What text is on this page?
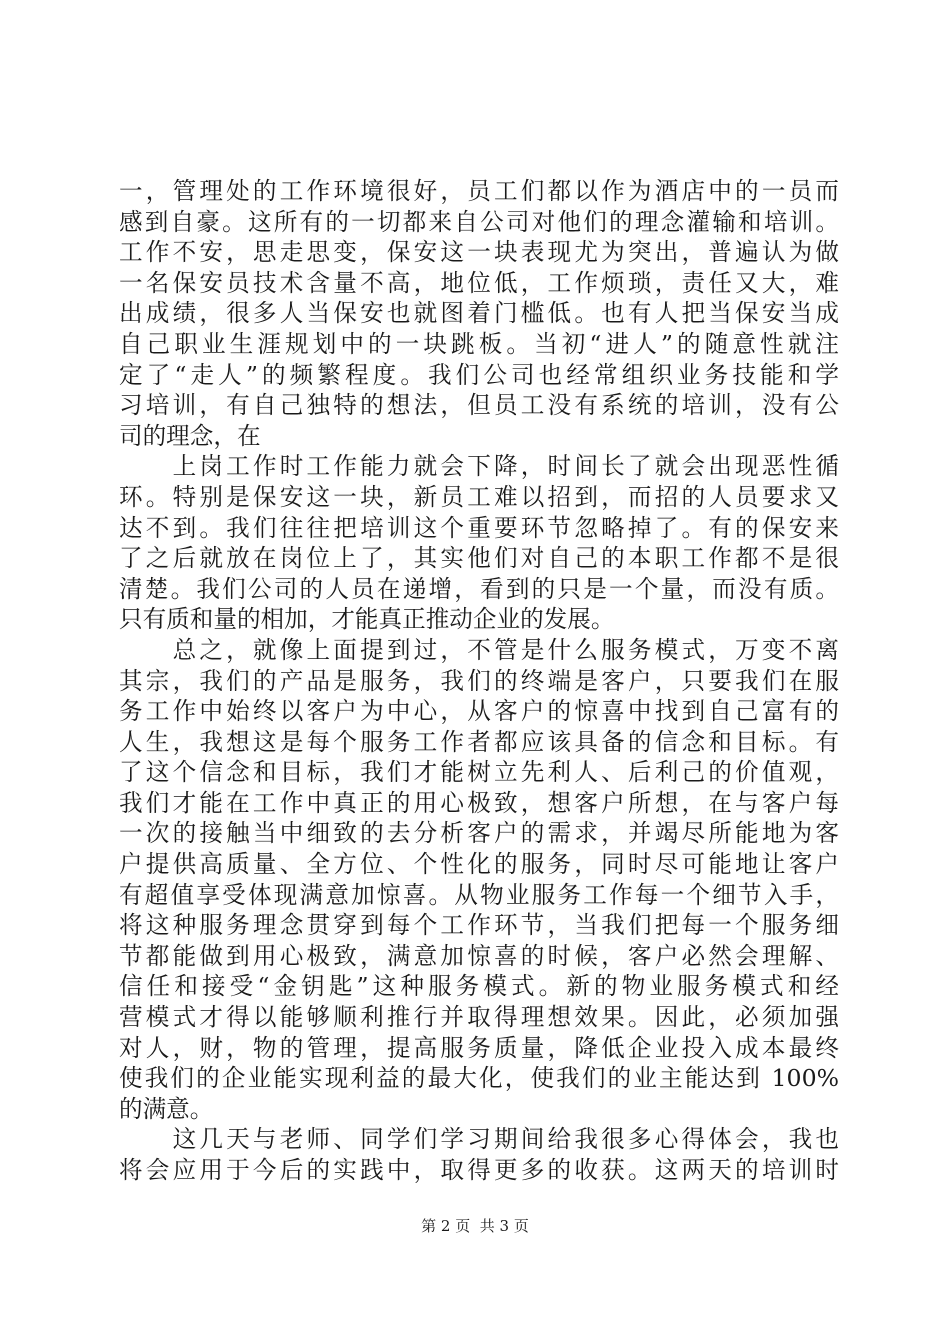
一，管理处的工作环境很好，员工们都以作为酒店中的一员而
感到自豪。这所有的一切都来自公司对他们的理念灌输和培训。
工作不安，思走思变，保安这一块表现尤为突出，普遍认为做
一名保安员技术含量不高，地位低，工作烦琐，责任又大，难
出成绩，很多人当保安也就图着门槛低。也有人把当保安当成
自己职业生涯规划中的一块跳板。当初“进人”的随意性就注
定了“走人”的频繁程度。我们公司也经常组织业务技能和学
习培训，有自己独特的想法，但员工没有系统的培训，没有公
司的理念，在
　　上岗工作时工作能力就会下降，时间长了就会出现恶性循
环。特别是保安这一块，新员工难以招到，而招的人员要求又
达不到。我们往往把培训这个重要环节忽略掉了。有的保安来
了之后就放在岗位上了，其实他们对自己的本职工作都不是很
清楚。我们公司的人员在递增，看到的只是一个量，而没有质。
只有质和量的相加，才能真正推动企业的发展。
　　总之，就像上面提到过，不管是什么服务模式，万变不离
其宗，我们的产品是服务，我们的终端是客户，只要我们在服
务工作中始终以客户为中心，从客户的惊喜中找到自己富有的
人生，我想这是每个服务工作者都应该具备的信念和目标。有
了这个信念和目标，我们才能树立先利人、后利己的价值观，
我们才能在工作中真正的用心极致，想客户所想，在与客户每
一次的接触当中细致的去分析客户的需求，并竭尽所能地为客
户提供高质量、全方位、个性化的服务，同时尽可能地让客户
有超值享受体现满意加惊喜。从物业服务工作每一个细节入手，
将这种服务理念贯穿到每个工作环节，当我们把每一个服务细
节都能做到用心极致，满意加惊喜的时候，客户必然会理解、
信任和接受“金钥匙”这种服务模式。新的物业服务模式和经
营模式才得以能够顺利推行并取得理想效果。因此，必须加强
对人，财，物的管理，提高服务质量，降低企业投入成本最终
使我们的企业能实现利益的最大化，使我们的业主能达到 100%
的满意。
　　这几天与老师、同学们学习期间给我很多心得体会，我也
将会应用于今后的实践中，取得更多的收获。这两天的培训时
第 2 页  共 3 页
